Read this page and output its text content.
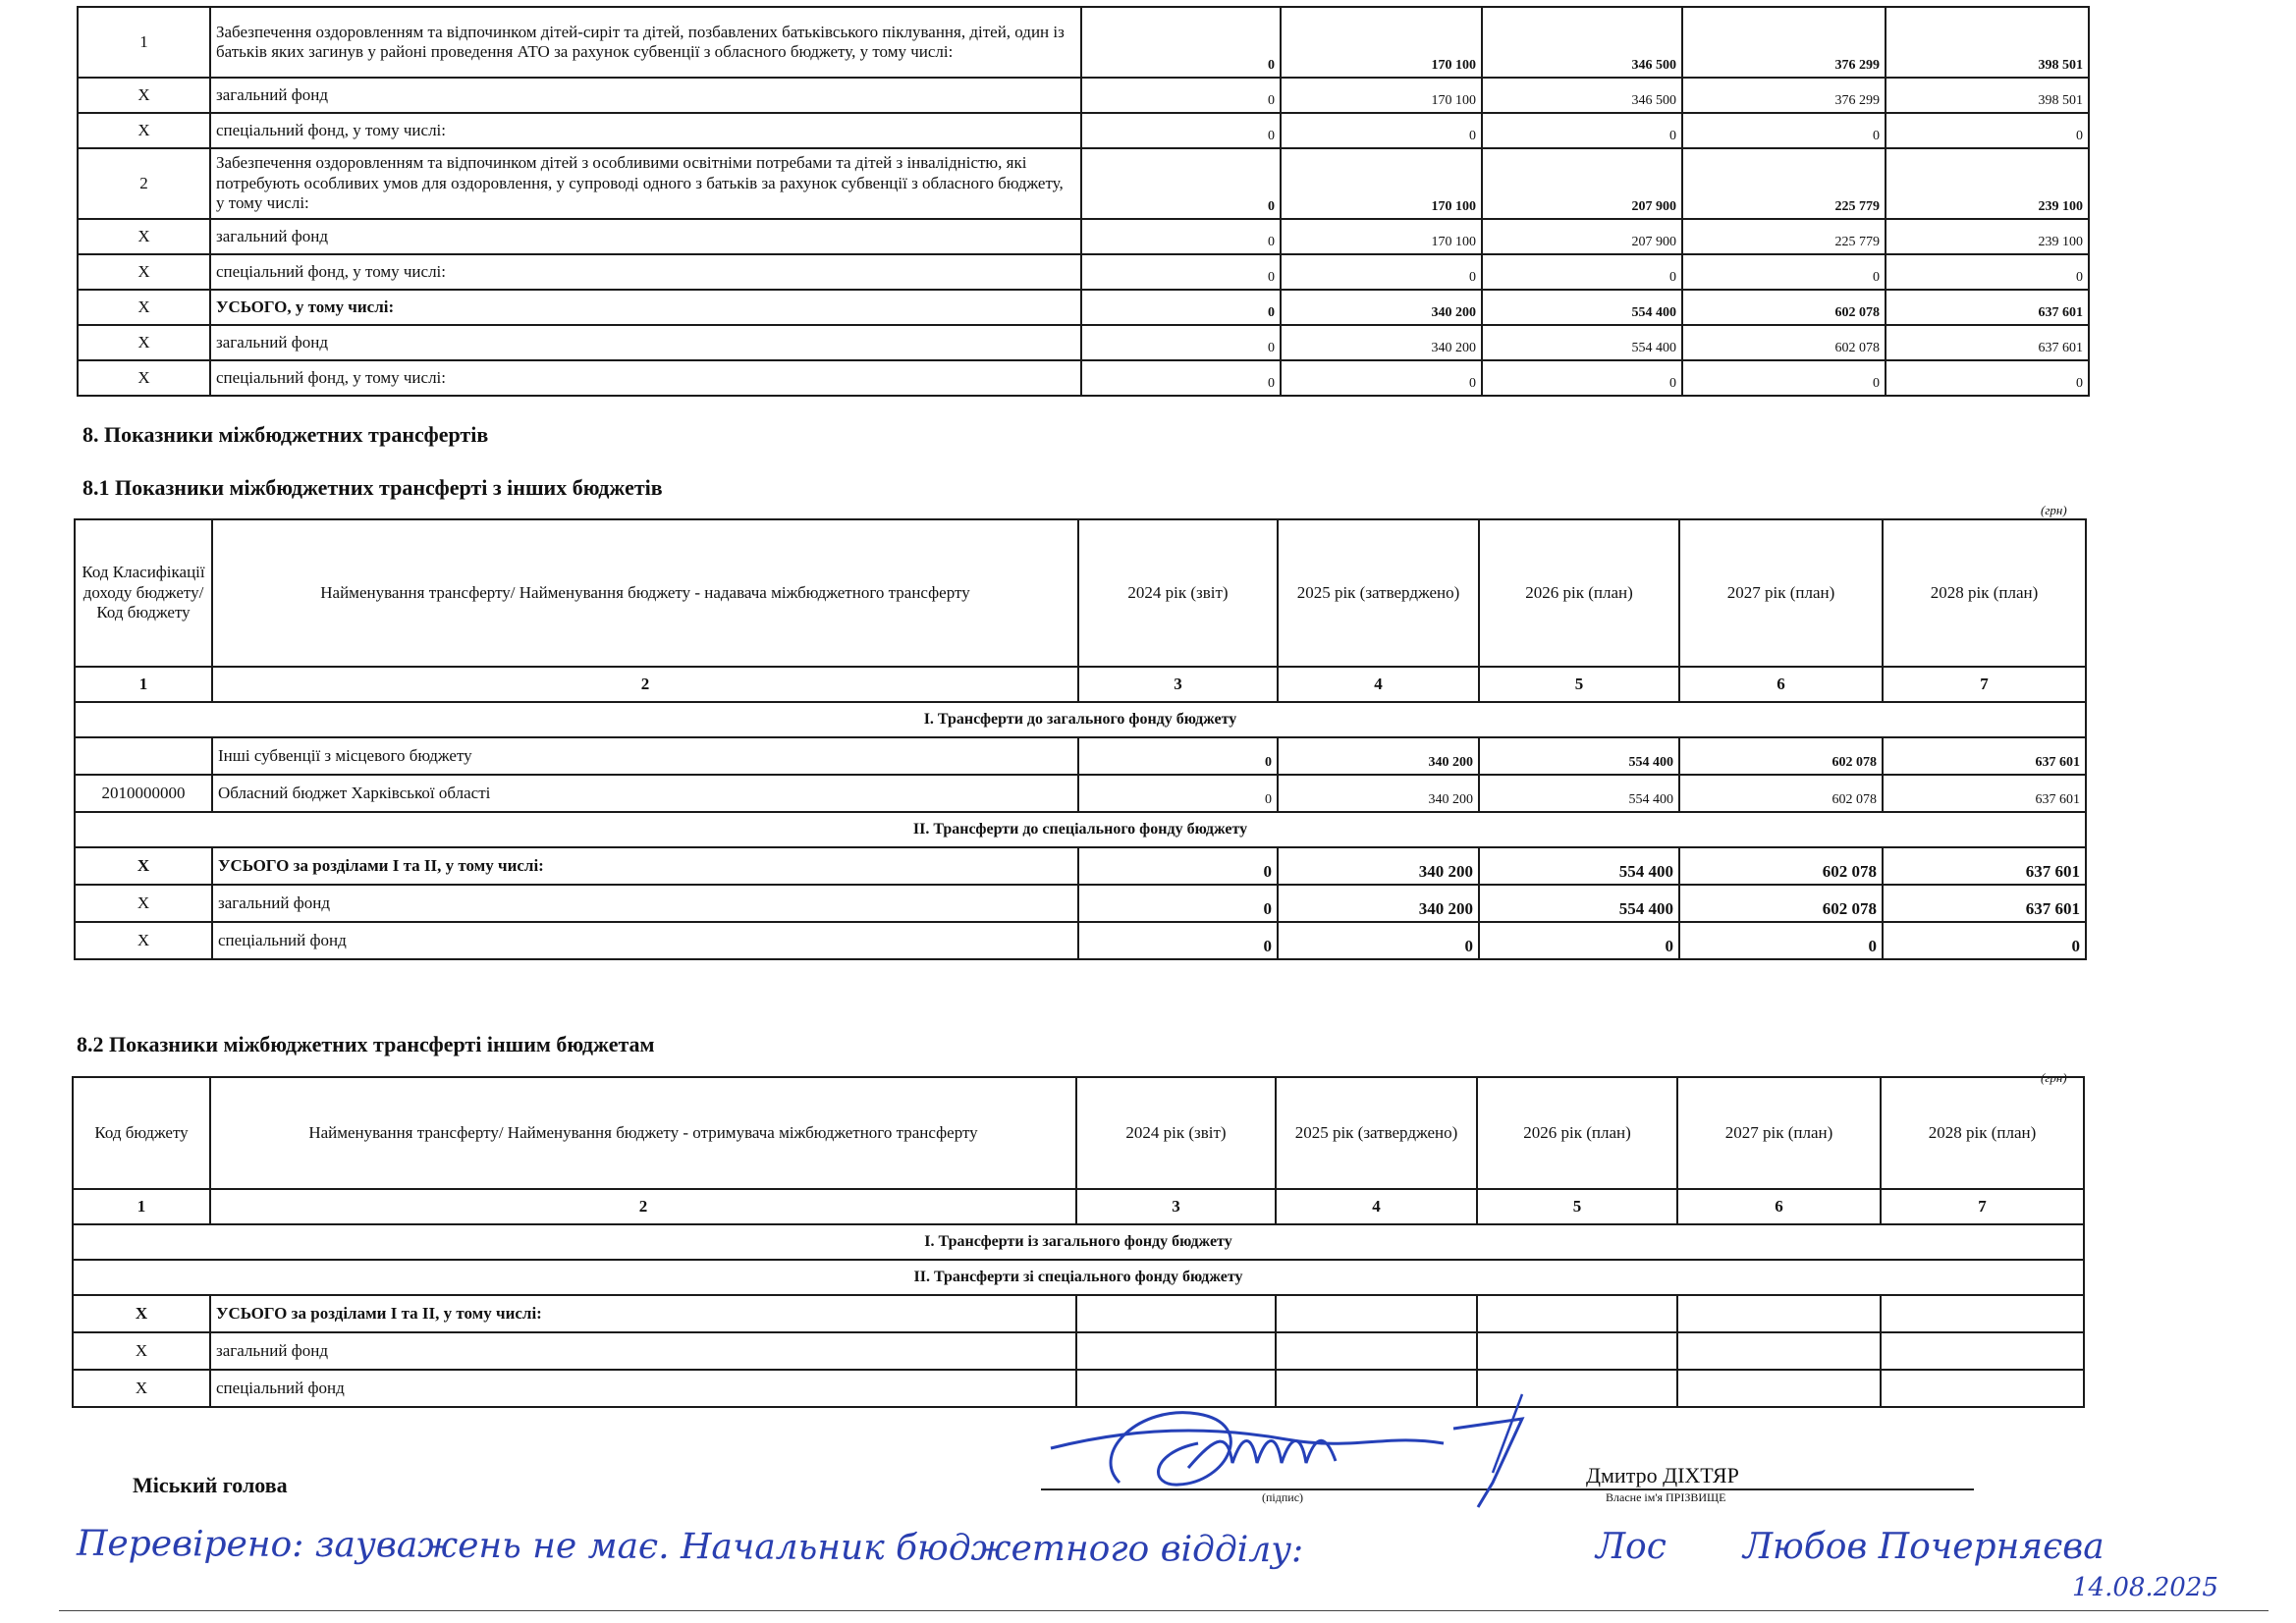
1	Забезпечення оздоровленням та відпочинком дітей-сиріт та дітей, позбавлених батьківського піклування, дітей, один із батьків яких загинув у районі проведення АТО за рахунок субвенції з обласного бюджету, у тому числі:	0	170 100	346 500	376 299	398 501
X	загальний фонд	0	170 100	346 500	376 299	398 501
X	спеціальний фонд, у тому числі:	0	0	0	0	0
2	Забезпечення оздоровленням та відпочинком дітей з особливими освітніми потребами та дітей з інвалідністю, які потребують особливих умов для оздоровлення, у супроводі одного з батьків за рахунок субвенції з обласного бюджету, у тому числі:	0	170 100	207 900	225 779	239 100
X	загальний фонд	0	170 100	207 900	225 779	239 100
X	спеціальний фонд, у тому числі:	0	0	0	0	0
X	УСЬОГО, у тому числі:	0	340 200	554 400	602 078	637 601
X	загальний фонд	0	340 200	554 400	602 078	637 601
X	спеціальний фонд, у тому числі:	0	0	0	0	0
8. Показники міжбюджетних трансфертів
8.1 Показники міжбюджетних трансферті з інших бюджетів
(грн)
Код Класифікації доходу бюджету/Код бюджету	Найменування трансферту/ Найменування бюджету - надавача міжбюджетного трансферту	2024 рік (звіт)	2025 рік (затверджено)	2026 рік (план)	2027 рік (план)	2028 рік (план)
1	2	3	4	5	6	7
І. Трансферти до загального фонду бюджету						
	Інші субвенції з місцевого бюджету	0	340 200	554 400	602 078	637 601
2010000000	Обласний бюджет Харківської області	0	340 200	554 400	602 078	637 601
ІІ. Трансферти до спеціального фонду бюджету						
X	УСЬОГО за розділами І та ІІ, у тому числі:	0	340 200	554 400	602 078	637 601
X	загальний фонд	0	340 200	554 400	602 078	637 601
X	спеціальний фонд	0	0	0	0	0
8.2 Показники міжбюджетних трансферті іншим бюджетам
(грн)
Код бюджету	Найменування трансферту/ Найменування бюджету - отримувача міжбюджетного трансферту	2024 рік (звіт)	2025 рік (затверджено)	2026 рік (план)	2027 рік (план)	2028 рік (план)
1	2	3	4	5	6	7
І. Трансферти із загального фонду бюджету						
ІІ. Трансферти зі спеціального фонду бюджету						
X	УСЬОГО за розділами І та ІІ, у тому числі:					
X	загальний фонд					
X	спеціальний фонд					
Міський голова	(підпис)
Дмитро ДІХТЯР
Власне ім'я ПРІЗВИЩЕ
Перевірено: зауважень не має. Начальник бюджетного відділу:	Лос Любов Почерняєва
14.08.2025
